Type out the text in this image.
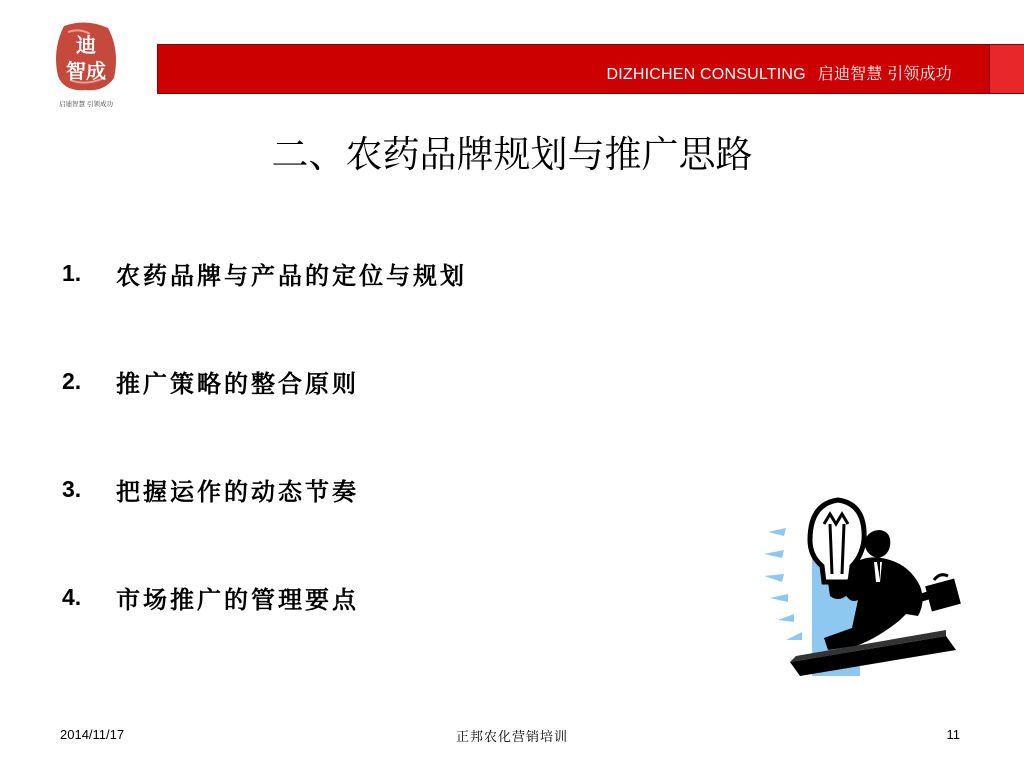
迪
智成
启迪智慧 引领成功
DIZHICHEN CONSULTING 启迪智慧 引领成功
二、农药品牌规划与推广思路
1.	农药品牌与产品的定位与规划
2.	推广策略的整合原则
3.	把握运作的动态节奏
4.	市场推广的管理要点
2014/11/17	正邦农化营销培训	11
